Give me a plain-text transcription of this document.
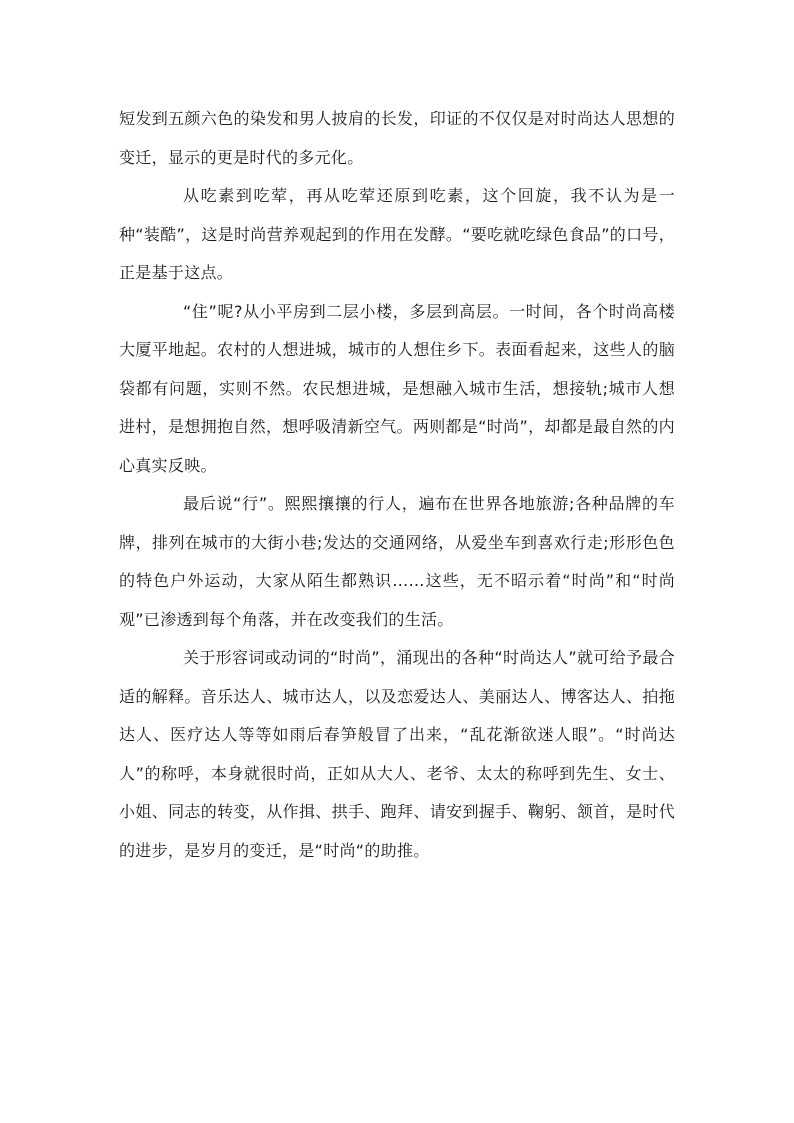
短发到五颜六色的染发和男人披肩的长发，印证的不仅仅是对时尚达人思想的变迁，显示的更是时代的多元化。

从吃素到吃荤，再从吃荤还原到吃素，这个回旋，我不认为是一种“装酷”，这是时尚营养观起到的作用在发酵。“要吃就吃绿色食品”的口号，正是基于这点。

“住”呢?从小平房到二层小楼，多层到高层。一时间，各个时尚高楼大厦平地起。农村的人想进城，城市的人想住乡下。表面看起来，这些人的脑袋都有问题，实则不然。农民想进城，是想融入城市生活，想接轨;城市人想进村，是想拥抱自然，想呼吸清新空气。两则都是“时尚”，却都是最自然的内心真实反映。

最后说“行”。熙熙攘攘的行人，遍布在世界各地旅游;各种品牌的车牌，排列在城市的大街小巷;发达的交通网络，从爱坐车到喜欢行走;形形色色的特色户外运动，大家从陌生都熟识……这些，无不昭示着“时尚”和“时尚观”已渗透到每个角落，并在改变我们的生活。

关于形容词或动词的“时尚”，涌现出的各种“时尚达人”就可给予最合适的解释。音乐达人、城市达人，以及恋爱达人、美丽达人、博客达人、拍拖达人、医疗达人等等如雨后春笋般冒了出来，“乱花渐欲迷人眼”。“时尚达人”的称呼，本身就很时尚，正如从大人、老爷、太太的称呼到先生、女士、小姐、同志的转变，从作揖、拱手、跑拜、请安到握手、鞠躬、颔首，是时代的进步，是岁月的变迁，是“时尚“的助推。
